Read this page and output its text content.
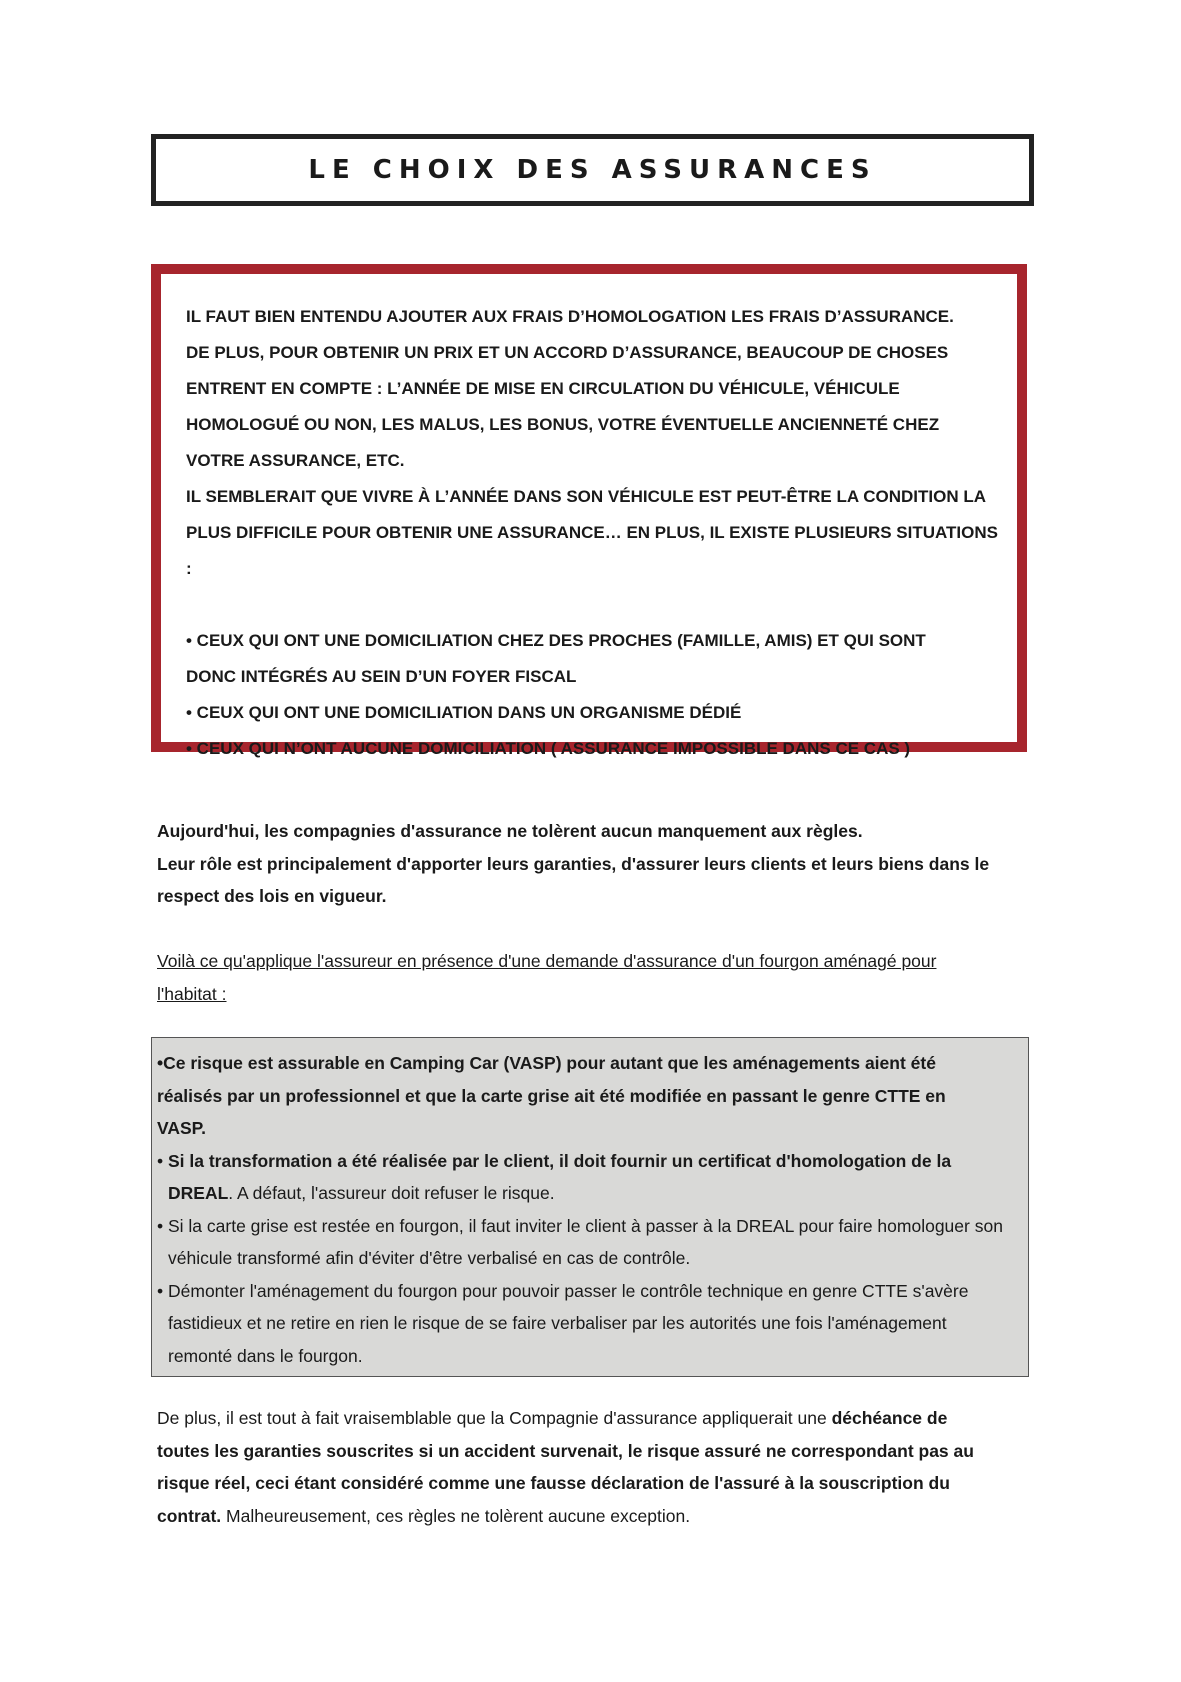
LE CHOIX DES ASSURANCES

IL FAUT BIEN ENTENDU AJOUTER AUX FRAIS D’HOMOLOGATION LES FRAIS D’ASSURANCE.

DE PLUS, POUR OBTENIR UN PRIX ET UN ACCORD D’ASSURANCE, BEAUCOUP DE CHOSES

ENTRENT EN COMPTE : L’ANNÉE DE MISE EN CIRCULATION DU VÉHICULE, VÉHICULE

HOMOLOGUÉ OU NON, LES MALUS, LES BONUS, VOTRE ÉVENTUELLE ANCIENNETÉ CHEZ

VOTRE ASSURANCE, ETC.

IL SEMBLERAIT QUE VIVRE À L’ANNÉE DANS SON VÉHICULE EST PEUT-ÊTRE LA CONDITION LA

PLUS DIFFICILE POUR OBTENIR UNE ASSURANCE… EN PLUS, IL EXISTE PLUSIEURS SITUATIONS :

• CEUX QUI ONT UNE DOMICILIATION CHEZ DES PROCHES (FAMILLE, AMIS) ET QUI SONT

DONC INTÉGRÉS AU SEIN D’UN FOYER FISCAL

• CEUX QUI ONT UNE DOMICILIATION DANS UN ORGANISME DÉDIÉ

• CEUX QUI N’ONT AUCUNE DOMICILIATION ( ASSURANCE IMPOSSIBLE DANS CE CAS )

Aujourd'hui, les compagnies d'assurance ne tolèrent aucun manquement aux règles.

Leur rôle est principalement d'apporter leurs garanties, d'assurer leurs clients et leurs biens dans le

respect des lois en vigueur.

Voilà ce qu'applique l'assureur en présence d'une demande d'assurance d'un fourgon aménagé pour

l'habitat :

•Ce risque est assurable en Camping Car (VASP) pour autant que les aménagements aient été

réalisés par un professionnel et que la carte grise ait été modifiée en passant le genre CTTE en

VASP.

• Si la transformation a été réalisée par le client, il doit fournir un certificat d'homologation de la

DREAL. A défaut, l'assureur doit refuser le risque.

• Si la carte grise est restée en fourgon, il faut inviter le client à passer à la DREAL pour faire homologuer son

véhicule transformé afin d'éviter d'être verbalisé en cas de contrôle.

• Démonter l'aménagement du fourgon pour pouvoir passer le contrôle technique en genre CTTE s'avère

fastidieux et ne retire en rien le risque de se faire verbaliser par les autorités une fois l'aménagement

remonté dans le fourgon.

De plus, il est tout à fait vraisemblable que la Compagnie d'assurance appliquerait une déchéance de

toutes les garanties souscrites si un accident survenait, le risque assuré ne correspondant pas au

risque réel, ceci étant considéré comme une fausse déclaration de l'assuré à la souscription du

contrat. Malheureusement, ces règles ne tolèrent aucune exception.
